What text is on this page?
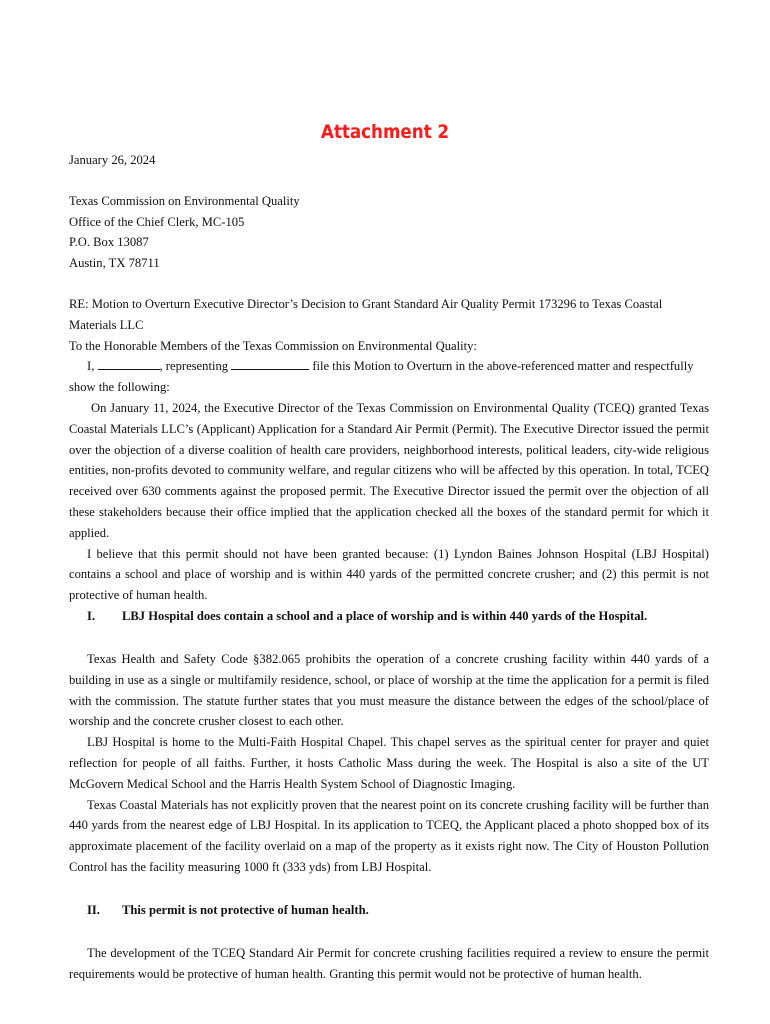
Attachment 2

January 26, 2024

Texas Commission on Environmental Quality

Office of the Chief Clerk, MC-105

P.O. Box 13087

Austin, TX 78711

RE: Motion to Overturn Executive Director’s Decision to Grant Standard Air Quality Permit 173296 to Texas Coastal Materials LLC

To the Honorable Members of the Texas Commission on Environmental Quality:

I,	, representing	file this Motion to Overturn in the above-referenced matter and respectfully show the following:

On January 11, 2024, the Executive Director of the Texas Commission on Environmental Quality (TCEQ) granted Texas Coastal Materials LLC’s (Applicant) Application for a Standard Air Permit (Permit). The Executive Director issued the permit over the objection of a diverse coalition of health care providers, neighborhood interests, political leaders, city-wide religious entities, non-profits devoted to community welfare, and regular citizens who will be affected by this operation. In total, TCEQ received over 630 comments against the proposed permit. The Executive Director issued the permit over the objection of all these stakeholders because their office implied that the application checked all the boxes of the standard permit for which it applied.

I believe that this permit should not have been granted because: (1) Lyndon Baines Johnson Hospital (LBJ Hospital) contains a school and place of worship and is within 440 yards of the permitted concrete crusher; and (2) this permit is not protective of human health.

I. LBJ Hospital does contain a school and a place of worship and is within 440 yards of the Hospital.

Texas Health and Safety Code §382.065 prohibits the operation of a concrete crushing facility within 440 yards of a building in use as a single or multifamily residence, school, or place of worship at the time the application for a permit is filed with the commission. The statute further states that you must measure the distance between the edges of the school/place of worship and the concrete crusher closest to each other.

LBJ Hospital is home to the Multi-Faith Hospital Chapel. This chapel serves as the spiritual center for prayer and quiet reflection for people of all faiths. Further, it hosts Catholic Mass during the week. The Hospital is also a site of the UT McGovern Medical School and the Harris Health System School of Diagnostic Imaging.

Texas Coastal Materials has not explicitly proven that the nearest point on its concrete crushing facility will be further than 440 yards from the nearest edge of LBJ Hospital. In its application to TCEQ, the Applicant placed a photo shopped box of its approximate placement of the facility overlaid on a map of the property as it exists right now. The City of Houston Pollution Control has the facility measuring 1000 ft (333 yds) from LBJ Hospital.

II. This permit is not protective of human health.

The development of the TCEQ Standard Air Permit for concrete crushing facilities required a review to ensure the permit requirements would be protective of human health. Granting this permit would not be protective of human health.
